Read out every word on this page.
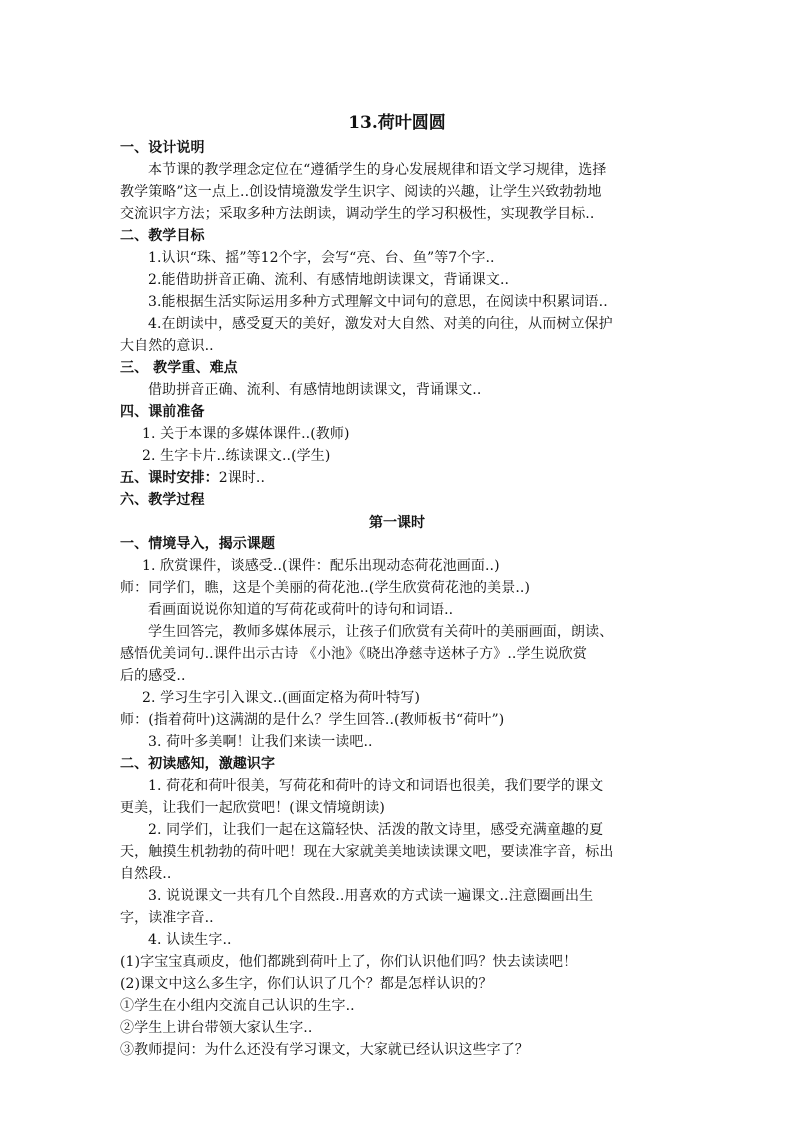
13.荷叶圆圆
一、设计说明
本节课的教学理念定位在“遵循学生的身心发展规律和语文学习规律，选择
教学策略”这一点上..创设情境激发学生识字、阅读的兴趣，让学生兴致勃勃地
交流识字方法；采取多种方法朗读，调动学生的学习积极性，实现教学目标..
二、教学目标
1.认识“珠、摇”等12个字，会写“亮、台、鱼”等7个字..
2.能借助拼音正确、流利、有感情地朗读课文，背诵课文..
3.能根据生活实际运用多种方式理解文中词句的意思，在阅读中积累词语..
4.在朗读中，感受夏天的美好，激发对大自然、对美的向往，从而树立保护
大自然的意识..
三、 教学重、难点
借助拼音正确、流利、有感情地朗读课文，背诵课文..
四、课前准备
1. 关于本课的多媒体课件..(教师)
2. 生字卡片..练读课文..(学生)
五、课时安排：2课时..
六、教学过程
第一课时
一、情境导入，揭示课题
1. 欣赏课件，谈感受..(课件：配乐出现动态荷花池画面..)
师：同学们，瞧，这是个美丽的荷花池..(学生欣赏荷花池的美景..)
看画面说说你知道的写荷花或荷叶的诗句和词语..
学生回答完，教师多媒体展示，让孩子们欣赏有关荷叶的美丽画面，朗读、
感悟优美词句..课件出示古诗 《小池》《晓出净慈寺送林子方》..学生说欣赏
后的感受..
2. 学习生字引入课文..(画面定格为荷叶特写)
师：(指着荷叶)这满湖的是什么？学生回答..(教师板书“荷叶”)
3. 荷叶多美啊！让我们来读一读吧..
二、初读感知，激趣识字
1. 荷花和荷叶很美，写荷花和荷叶的诗文和词语也很美，我们要学的课文
更美，让我们一起欣赏吧！(课文情境朗读)
2. 同学们，让我们一起在这篇轻快、活泼的散文诗里，感受充满童趣的夏
天，触摸生机勃勃的荷叶吧！现在大家就美美地读读课文吧，要读准字音，标出
自然段..
3. 说说课文一共有几个自然段..用喜欢的方式读一遍课文..注意圈画出生
字，读准字音..
4. 认读生字..
(1)字宝宝真顽皮，他们都跳到荷叶上了，你们认识他们吗？快去读读吧！
(2)课文中这么多生字，你们认识了几个？都是怎样认识的？
①学生在小组内交流自己认识的生字..
②学生上讲台带领大家认生字..
③教师提问：为什么还没有学习课文，大家就已经认识这些字了？
